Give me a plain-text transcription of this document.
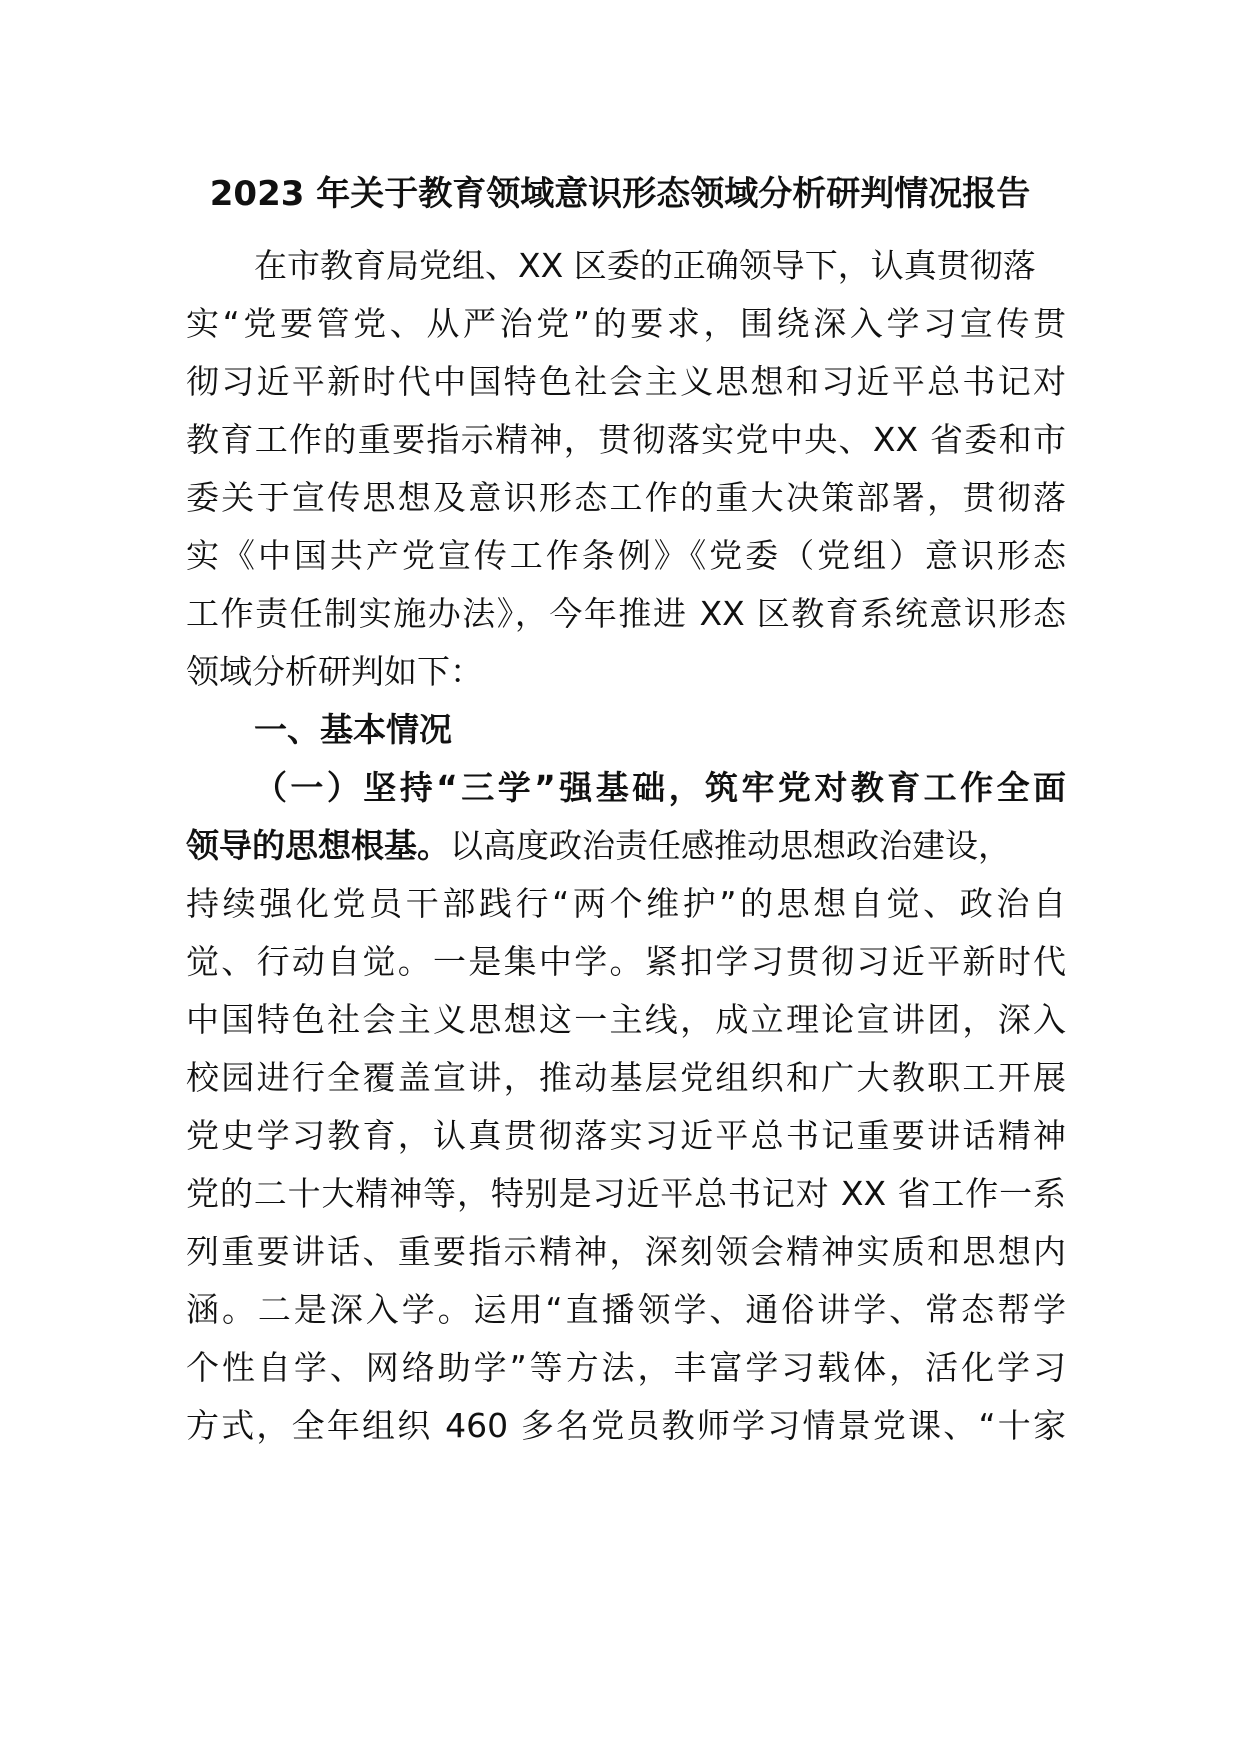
2023 年关于教育领域意识形态领域分析研判情况报告
在市教育局党组、XX 区委的正确领导下，认真贯彻落
实“党要管党、从严治党”的要求，围绕深入学习宣传贯
彻习近平新时代中国特色社会主义思想和习近平总书记对
教育工作的重要指示精神，贯彻落实党中央、XX 省委和市
委关于宣传思想及意识形态工作的重大决策部署，贯彻落
实《中国共产党宣传工作条例》《党委（党组）意识形态
工作责任制实施办法》，今年推进 XX 区教育系统意识形态
领域分析研判如下：
一、基本情况
（一）坚持“三学”强基础，筑牢党对教育工作全面
领导的思想根基。以高度政治责任感推动思想政治建设，
持续强化党员干部践行“两个维护”的思想自觉、政治自
觉、行动自觉。一是集中学。紧扣学习贯彻习近平新时代
中国特色社会主义思想这一主线，成立理论宣讲团，深入
校园进行全覆盖宣讲，推动基层党组织和广大教职工开展
党史学习教育，认真贯彻落实习近平总书记重要讲话精神
党的二十大精神等，特别是习近平总书记对 XX 省工作一系
列重要讲话、重要指示精神，深刻领会精神实质和思想内
涵。二是深入学。运用“直播领学、通俗讲学、常态帮学
个性自学、网络助学”等方法，丰富学习载体，活化学习
方式，全年组织 460 多名党员教师学习情景党课、“十家
